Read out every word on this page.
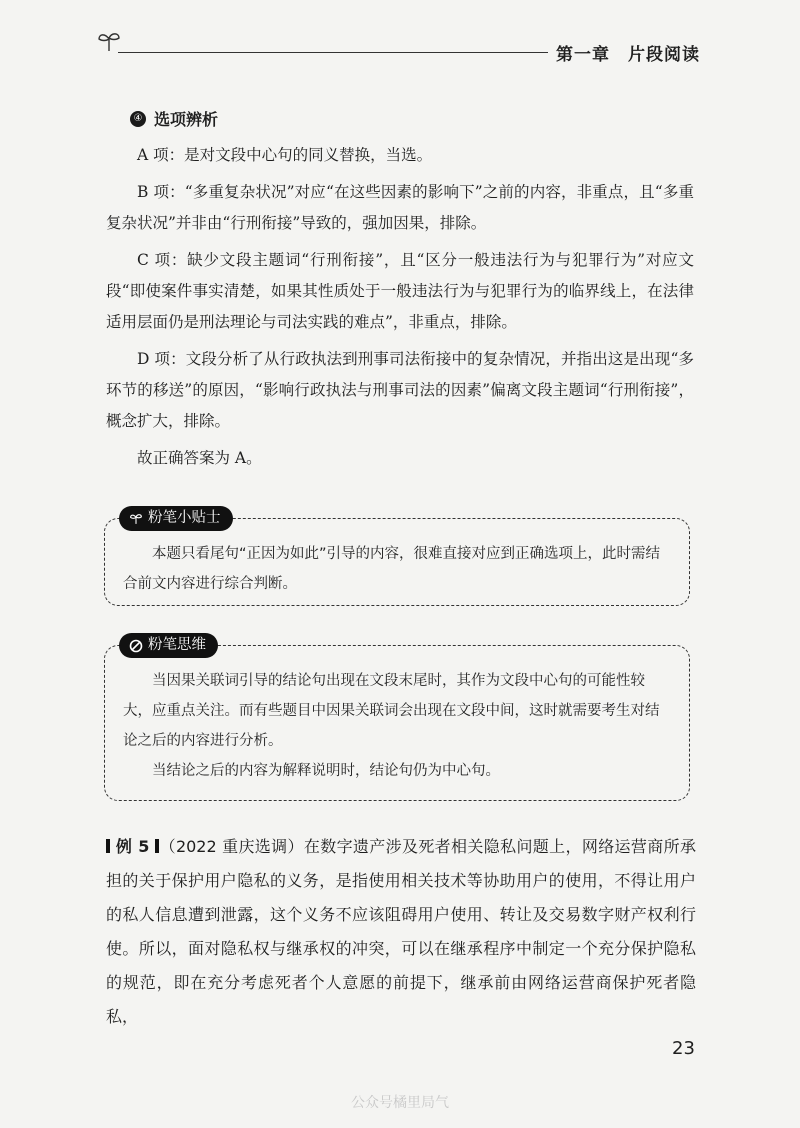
第一章 片段阅读
④ 选项辨析

A 项：是对文段中心句的同义替换，当选。

B 项：“多重复杂状况”对应“在这些因素的影响下”之前的内容，非重点，且“多重复杂状况”并非由“行刑衔接”导致的，强加因果，排除。

C 项：缺少文段主题词“行刑衔接”，且“区分一般违法行为与犯罪行为”对应文段“即使案件事实清楚，如果其性质处于一般违法行为与犯罪行为的临界线上，在法律适用层面仍是刑法理论与司法实践的难点”，非重点，排除。

D 项：文段分析了从行政执法到刑事司法衔接中的复杂情况，并指出这是出现“多环节的移送”的原因，“影响行政执法与刑事司法的因素”偏离文段主题词“行刑衔接”，概念扩大，排除。

故正确答案为 A。

粉笔小贴士

本题只看尾句“正因为如此”引导的内容，很难直接对应到正确选项上，此时需结合前文内容进行综合判断。

粉笔思维

当因果关联词引导的结论句出现在文段末尾时，其作为文段中心句的可能性较大，应重点关注。而有些题目中因果关联词会出现在文段中间，这时就需要考生对结论之后的内容进行分析。

当结论之后的内容为解释说明时，结论句仍为中心句。

例 5 （2022 重庆选调）在数字遗产涉及死者相关隐私问题上，网络运营商所承担的关于保护用户隐私的义务，是指使用相关技术等协助用户的使用，不得让用户的私人信息遭到泄露，这个义务不应该阻碍用户使用、转让及交易数字财产权利行使。所以，面对隐私权与继承权的冲突，可以在继承程序中制定一个充分保护隐私的规范，即在充分考虑死者个人意愿的前提下，继承前由网络运营商保护死者隐私，
23
公众号橘里局气
